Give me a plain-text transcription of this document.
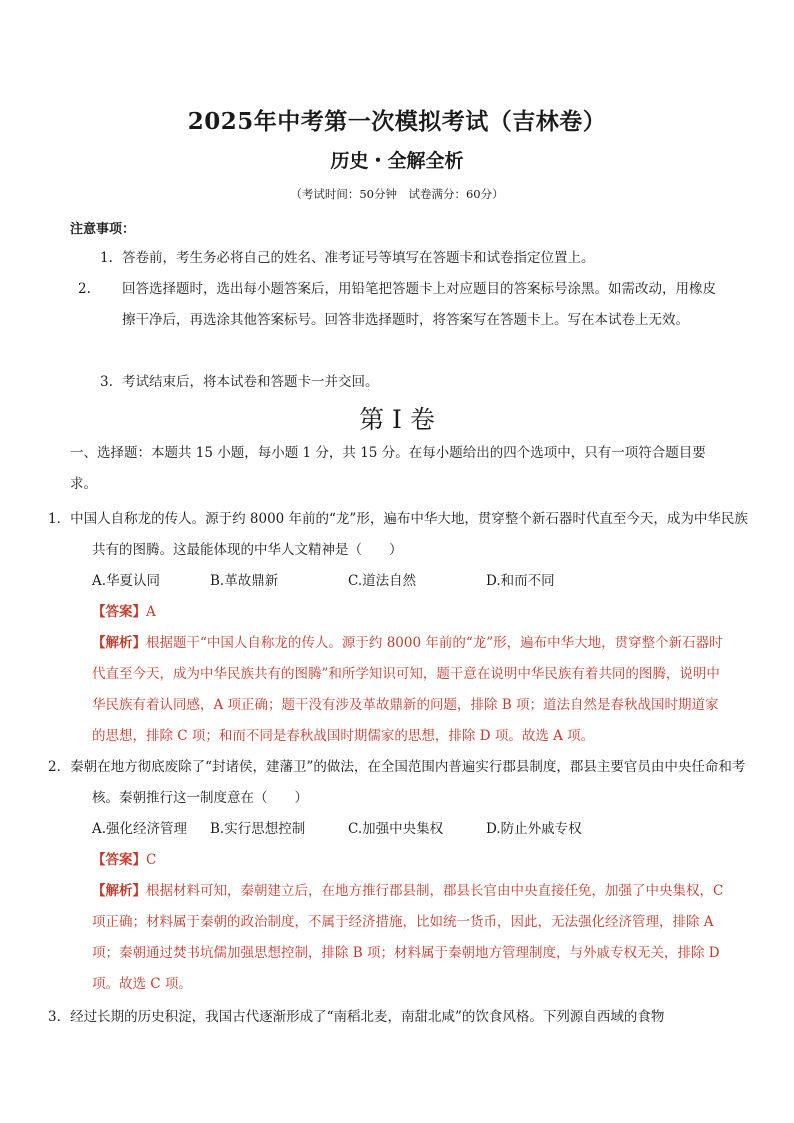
2025年中考第一次模拟考试（吉林卷）
历史・全解全析
（考试时间：50分钟　试卷满分：60分）
注意事项：
1. 答卷前，考生务必将自己的姓名、准考证号等填写在答题卡和试卷指定位置上。
2. 回答选择题时，选出每小题答案后，用铅笔把答题卡上对应题目的答案标号涂黑。如需改动，用橡皮擦干净后，再选涂其他答案标号。回答非选择题时，将答案写在答题卡上。写在本试卷上无效。
3. 考试结束后，将本试卷和答题卡一并交回。
第 I 卷

一、选择题：本题共 15 小题，每小题 1 分，共 15 分。在每小题给出的四个选项中，只有一项符合题目要求。

1．中国人自称龙的传人。源于约 8000 年前的“龙”形，遍布中华大地，贯穿整个新石器时代直至今天，成为中华民族共有的图腾。这最能体现的中华人文精神是（　　）

A.华夏认同	B.革故鼎新	C.道法自然	D.和而不同

【答案】A

【解析】根据题干“中国人自称龙的传人。源于约 8000 年前的“龙”形，遍布中华大地，贯穿整个新石器时代直至今天，成为中华民族共有的图腾”和所学知识可知，题干意在说明中华民族有着共同的图腾，说明中华民族有着认同感，A 项正确；题干没有涉及革故鼎新的问题，排除 B 项；道法自然是春秋战国时期道家的思想，排除 C 项；和而不同是春秋战国时期儒家的思想，排除 D 项。故选 A 项。

2．秦朝在地方彻底废除了“封诸侯，建藩卫”的做法，在全国范围内普遍实行郡县制度，郡县主要官员由中央任命和考核。秦朝推行这一制度意在（　　）

A.强化经济管理 B.实行思想控制	C.加强中央集权	D.防止外戚专权

【答案】C

【解析】根据材料可知，秦朝建立后，在地方推行郡县制，郡县长官由中央直接任免，加强了中央集权，C 项正确；材料属于秦朝的政治制度，不属于经济措施，比如统一货币，因此，无法强化经济管理，排除 A 项；秦朝通过焚书坑儒加强思想控制，排除 B 项；材料属于秦朝地方管理制度，与外戚专权无关，排除 D 项。故选 C 项。

3．经过长期的历史积淀，我国古代逐渐形成了“南稻北麦，南甜北咸”的饮食风格。下列源自西域的食物
